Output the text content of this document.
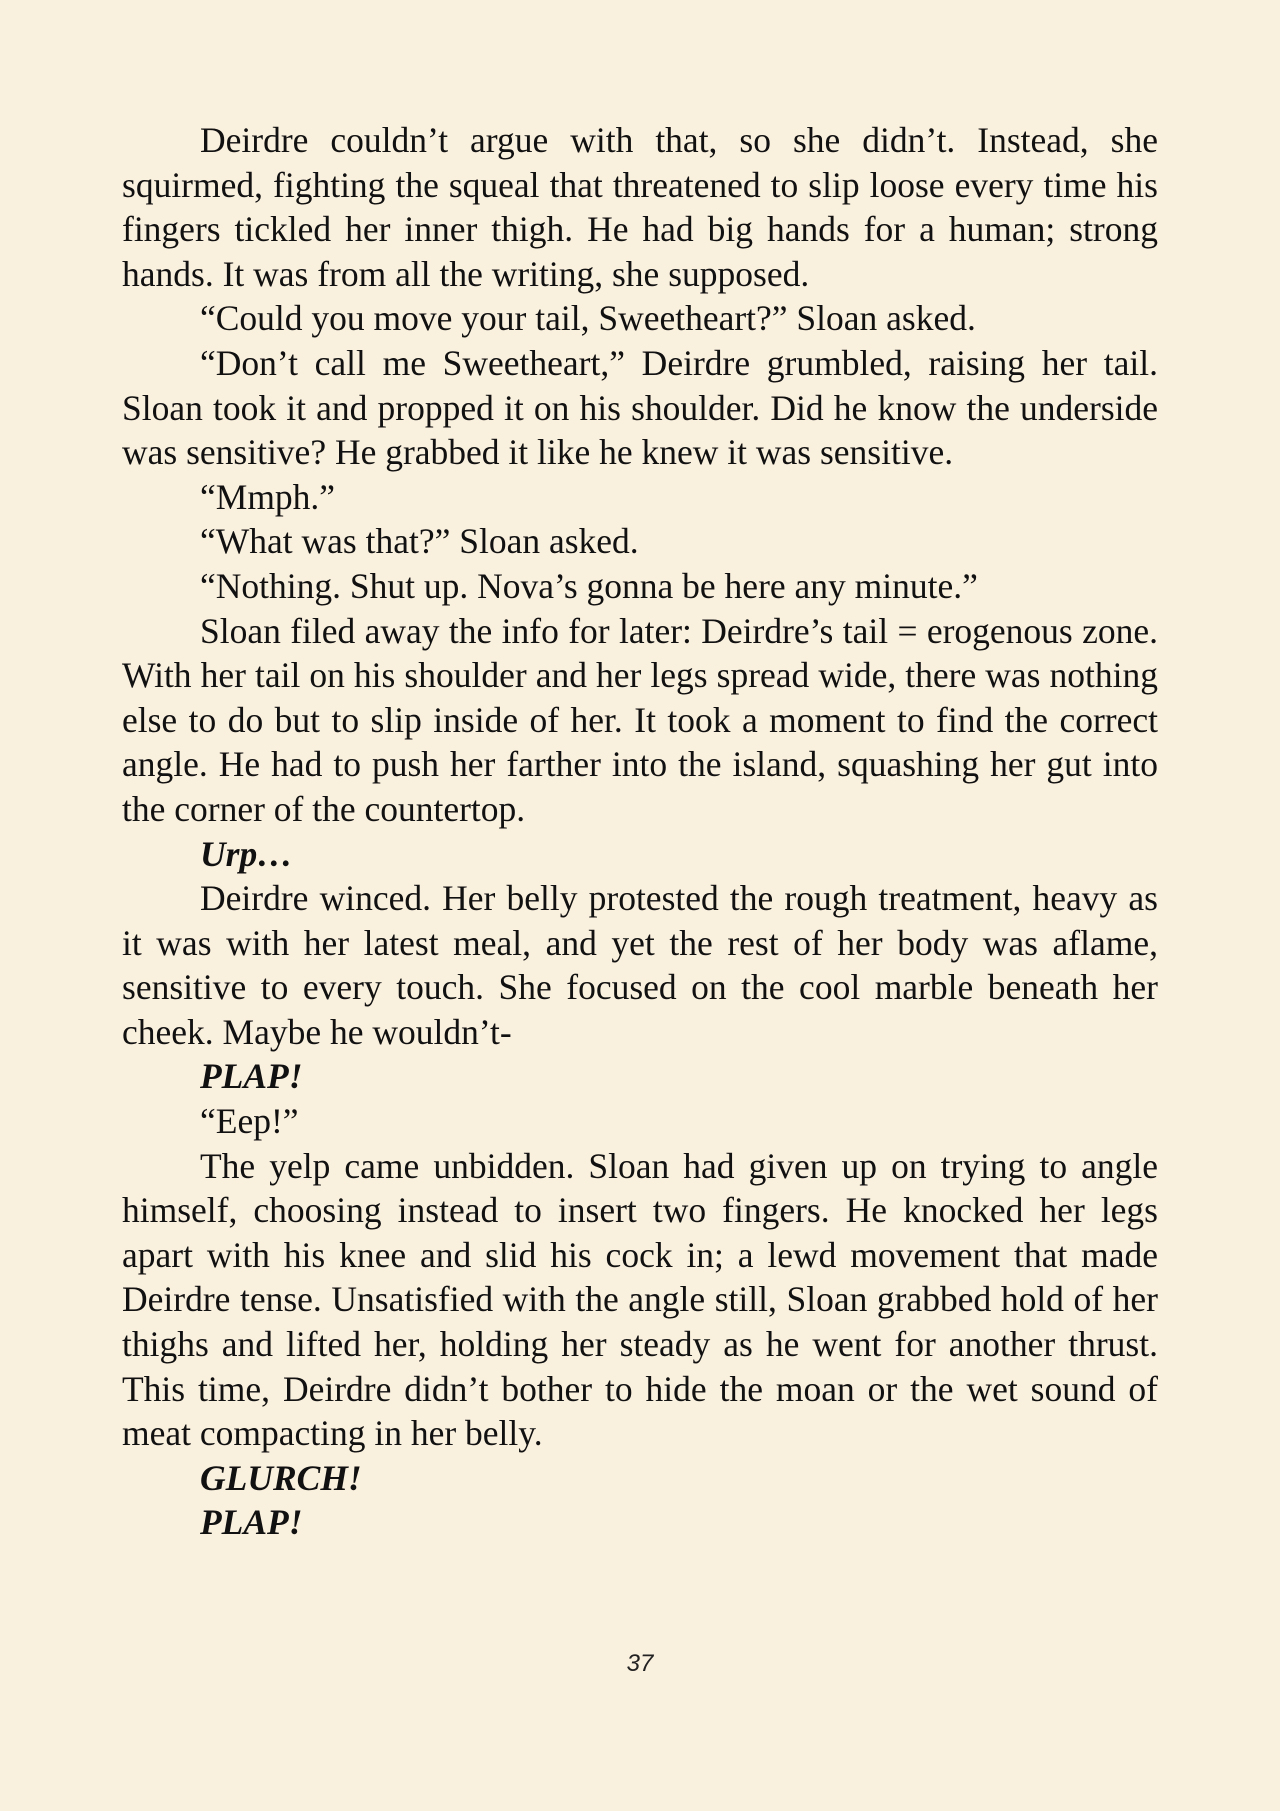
Deirdre couldn’t argue with that, so she didn’t. Instead, she squirmed, fighting the squeal that threatened to slip loose every time his fingers tickled her inner thigh. He had big hands for a human; strong hands. It was from all the writing, she supposed.

“Could you move your tail, Sweetheart?” Sloan asked.

“Don’t call me Sweetheart,” Deirdre grumbled, raising her tail. Sloan took it and propped it on his shoulder. Did he know the underside was sensitive? He grabbed it like he knew it was sensitive.

“Mmph.”

“What was that?” Sloan asked.

“Nothing. Shut up. Nova’s gonna be here any minute.”

Sloan filed away the info for later: Deirdre’s tail = erogenous zone. With her tail on his shoulder and her legs spread wide, there was nothing else to do but to slip inside of her. It took a moment to find the correct angle. He had to push her farther into the island, squashing her gut into the corner of the countertop.

Urp…

Deirdre winced. Her belly protested the rough treatment, heavy as it was with her latest meal, and yet the rest of her body was aflame, sensitive to every touch. She focused on the cool marble beneath her cheek. Maybe he wouldn’t-

PLAP!

“Eep!”

The yelp came unbidden. Sloan had given up on trying to angle himself, choosing instead to insert two fingers. He knocked her legs apart with his knee and slid his cock in; a lewd movement that made Deirdre tense. Unsatisfied with the angle still, Sloan grabbed hold of her thighs and lifted her, holding her steady as he went for another thrust. This time, Deirdre didn’t bother to hide the moan or the wet sound of meat compacting in her belly.

GLURCH!

PLAP!

37
